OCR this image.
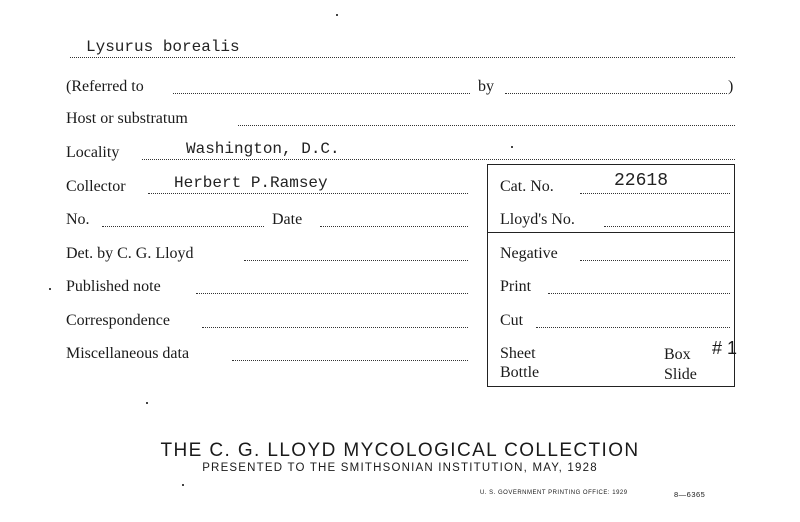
Lysurus borealis
(Referred to	by	)
Host or substratum
Locality	Washington, D.C.
Collector	Herbert P.Ramsey	Cat. No.	22618
No.	Date	Lloyd's No.
Det. by C. G. Lloyd	Negative
Published note	Print
Correspondence	Cut
Miscellaneous data	Sheet	Box # 1
Bottle	Slide
THE C. G. LLOYD MYCOLOGICAL COLLECTION
PRESENTED TO THE SMITHSONIAN INSTITUTION, MAY, 1928
U. S. GOVERNMENT PRINTING OFFICE: 1929	8—6365
